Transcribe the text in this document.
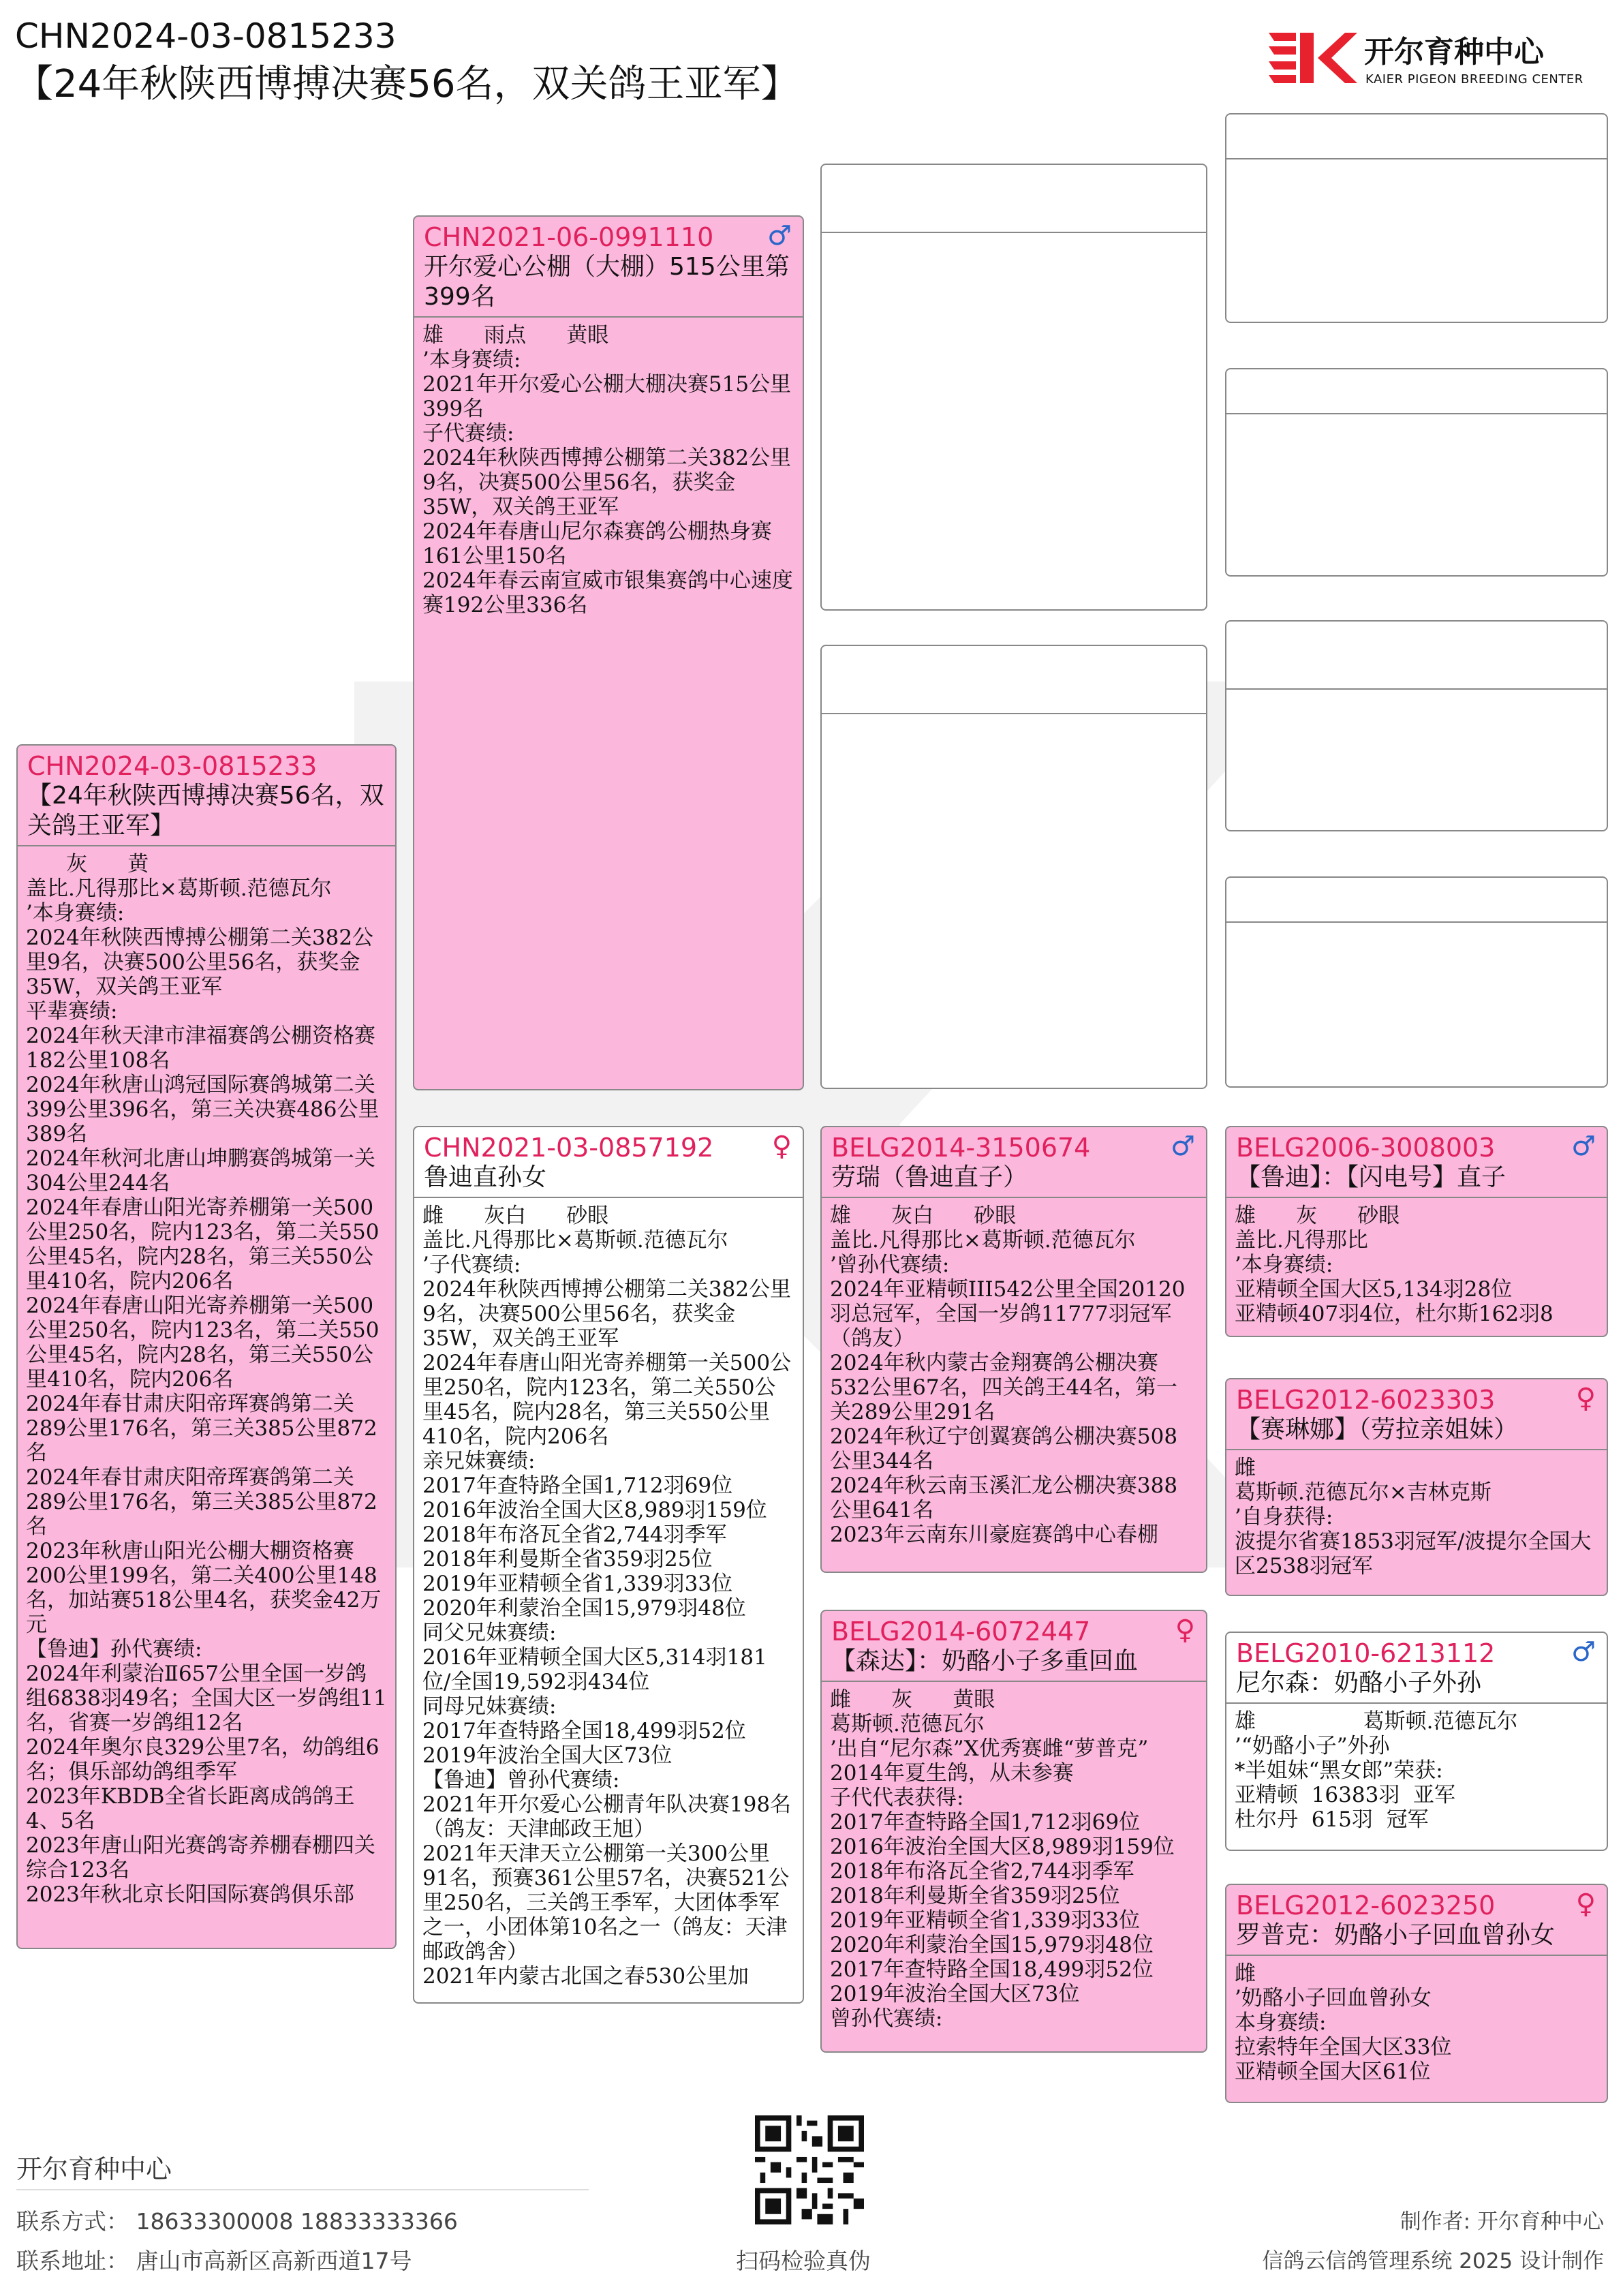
CHN2024-03-0815233
【24年秋陕西博搏决赛56名，双关鸽王亚军】
开尔育种中心
KAIER PIGEON BREEDING CENTER
CHN2024-03-0815233
【24年秋陕西博搏决赛56名，双关鸽王亚军】
灰      黄
盖比.凡得那比×葛斯顿.范德瓦尔
’本身赛绩:
2024年秋陕西博搏公棚第二关382公里9名，决赛500公里56名，获奖金35W，双关鸽王亚军
平辈赛绩:
2024年秋天津市津福赛鸽公棚资格赛182公里108名
2024年秋唐山鸿冠国际赛鸽城第二关399公里396名，第三关决赛486公里389名
2024年秋河北唐山坤鹏赛鸽城第一关304公里244名
2024年春唐山阳光寄养棚第一关500公里250名，院内123名，第二关550公里45名，院内28名，第三关550公里410名，院内206名
2024年春唐山阳光寄养棚第一关500公里250名，院内123名，第二关550公里45名，院内28名，第三关550公里410名，院内206名
2024年春甘肃庆阳帝珲赛鸽第二关289公里176名，第三关385公里872名
2024年春甘肃庆阳帝珲赛鸽第二关289公里176名，第三关385公里872名
2023年秋唐山阳光公棚大棚资格赛200公里199名，第二关400公里148名，加站赛518公里4名，获奖金42万元
【鲁迪】孙代赛绩:
2024年利蒙治Ⅱ657公里全国一岁鸽组6838羽49名；全国大区一岁鸽组11名，省赛一岁鸽组12名
2024年奥尔良329公里7名，幼鸽组6名；俱乐部幼鸽组季军
2023年KBDB全省长距离成鸽鸽王4、5名
2023年唐山阳光赛鸽寄养棚春棚四关综合123名
2023年秋北京长阳国际赛鸽俱乐部
CHN2021-06-0991110	♂
开尔爱心公棚（大棚）515公里第399名
雄      雨点      黄眼
’本身赛绩:
2021年开尔爱心公棚大棚决赛515公里399名
子代赛绩:
2024年秋陕西博搏公棚第二关382公里9名，决赛500公里56名，获奖金35W，双关鸽王亚军
2024年春唐山尼尔森赛鸽公棚热身赛161公里150名
2024年春云南宣威市银集赛鸽中心速度赛192公里336名
CHN2021-03-0857192	♀
鲁迪直孙女
雌      灰白      砂眼
盖比.凡得那比×葛斯顿.范德瓦尔
’子代赛绩:
2024年秋陕西博搏公棚第二关382公里9名，决赛500公里56名，获奖金35W，双关鸽王亚军
2024年春唐山阳光寄养棚第一关500公里250名，院内123名，第二关550公里45名，院内28名，第三关550公里410名，院内206名
亲兄妹赛绩:
2017年查特路全国1,712羽69位
2016年波治全国大区8,989羽159位
2018年布洛瓦全省2,744羽季军
2018年利曼斯全省359羽25位
2019年亚精顿全省1,339羽33位
2020年利蒙治全国15,979羽48位
同父兄妹赛绩:
2016年亚精顿全国大区5,314羽181位/全国19,592羽434位
同母兄妹赛绩:
2017年查特路全国18,499羽52位
2019年波治全国大区73位
【鲁迪】曾孙代赛绩:
2021年开尔爱心公棚青年队决赛198名（鸽友：天津邮政王旭）
2021年天津天立公棚第一关300公里91名，预赛361公里57名，决赛521公里250名，三关鸽王季军，大团体季军之一，小团体第10名之一（鸽友：天津邮政鸽舍）
2021年内蒙古北国之春530公里加
BELG2014-3150674	♂
劳瑞（鲁迪直子）
雄      灰白      砂眼
盖比.凡得那比×葛斯顿.范德瓦尔
’曾孙代赛绩:
2024年亚精顿III542公里全国20120羽总冠军，全国一岁鸽11777羽冠军（鸽友）
2024年秋内蒙古金翔赛鸽公棚决赛532公里67名，四关鸽王44名，第一关289公里291名
2024年秋辽宁创翼赛鸽公棚决赛508公里344名
2024年秋云南玉溪汇龙公棚决赛388公里641名
2023年云南东川豪庭赛鸽中心春棚
BELG2014-6072447	♀
【森达】：奶酪小子多重回血
雌      灰      黄眼
葛斯顿.范德瓦尔
’出自“尼尔森”X优秀赛雌“萝普克”
2014年夏生鸽，从未参赛
子代代表获得:
2017年查特路全国1,712羽69位
2016年波治全国大区8,989羽159位
2018年布洛瓦全省2,744羽季军
2018年利曼斯全省359羽25位
2019年亚精顿全省1,339羽33位
2020年利蒙治全国15,979羽48位
2017年查特路全国18,499羽52位
2019年波治全国大区73位
曾孙代赛绩:
BELG2006-3008003	♂
【鲁迪】：【闪电号】直子
雄      灰      砂眼
盖比.凡得那比
’本身赛绩:
亚精顿全国大区5,134羽28位
亚精顿407羽4位，杜尔斯162羽8
BELG2012-6023303	♀
【赛琳娜】（劳拉亲姐妹）
雌
葛斯顿.范德瓦尔×吉林克斯
’自身获得:
波提尔省赛1853羽冠军/波提尔全国大区2538羽冠军
BELG2010-6213112	♂
尼尔森：奶酪小子外孙
雄                葛斯顿.范德瓦尔
’“奶酪小子”外孙
*半姐妹“黑女郎”荣获:
亚精顿  16383羽  亚军
杜尔丹  615羽  冠军
BELG2012-6023250	♀
罗普克：奶酪小子回血曾孙女
雌
’奶酪小子回血曾孙女
本身赛绩:
拉索特年全国大区33位
亚精顿全国大区61位
开尔育种中心
联系方式： 18633300008 18833333366
联系地址： 唐山市高新区高新西道17号	扫码检验真伪
制作者: 开尔育种中心
信鸽云信鸽管理系统 2025 设计制作
